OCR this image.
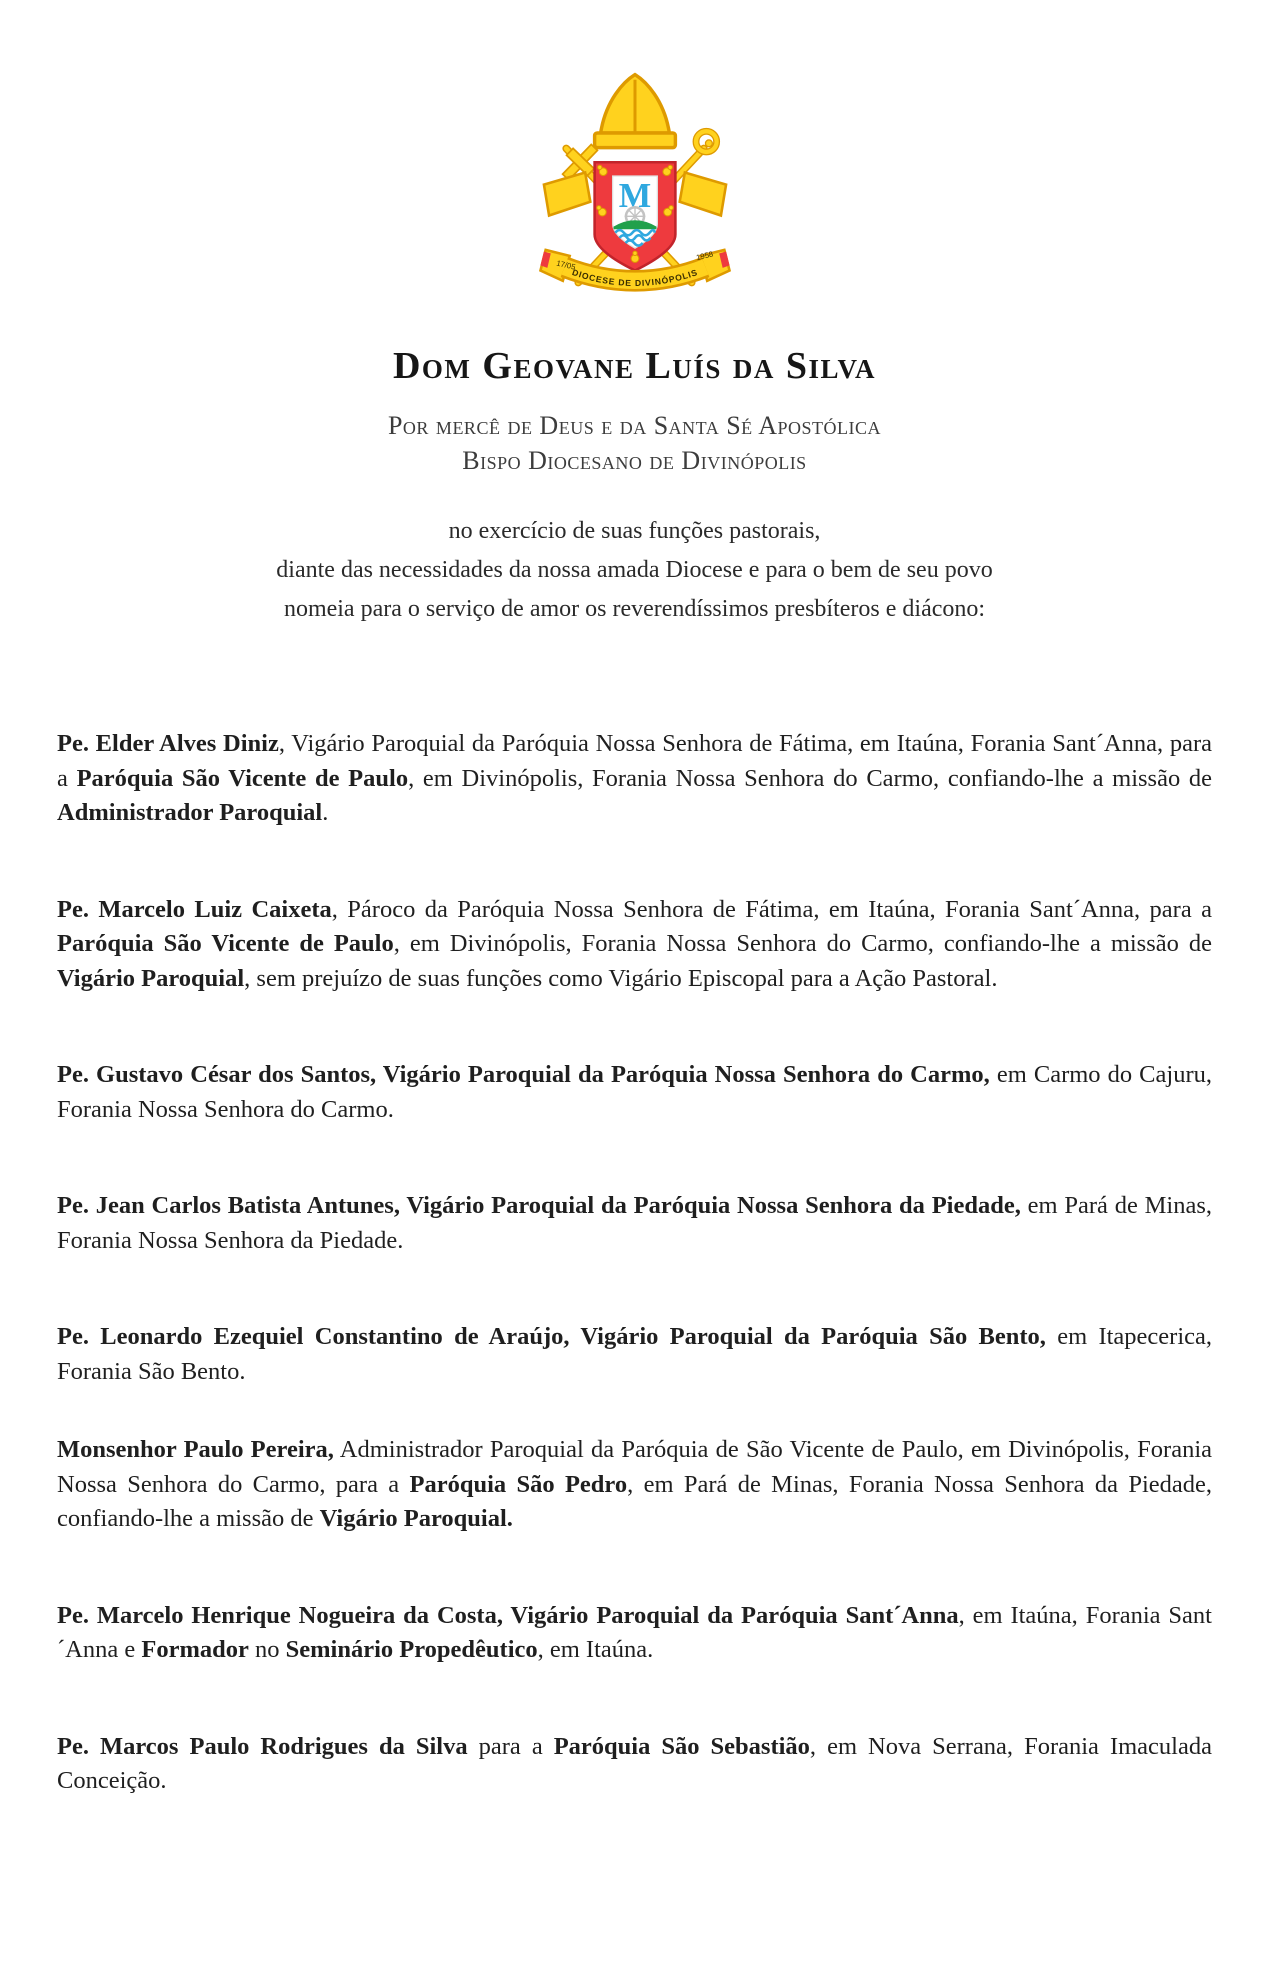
M
17/05
1958
DIOCESE DE DIVINÓPOLIS
Dom Geovane Luís da Silva
Por mercê de Deus e da Santa Sé Apostólica
Bispo Diocesano de Divinópolis
no exercício de suas funções pastorais,
diante das necessidades da nossa amada Diocese e para o bem de seu povo
nomeia para o serviço de amor os reverendíssimos presbíteros e diácono:

Pe. Elder Alves Diniz, Vigário Paroquial da Paróquia Nossa Senhora de Fátima, em Itaúna, Forania Sant´Anna, para a Paróquia São Vicente de Paulo, em Divinópolis, Forania Nossa Senhora do Carmo, confiando-lhe a missão de Administrador Paroquial.

Pe. Marcelo Luiz Caixeta, Pároco da Paróquia Nossa Senhora de Fátima, em Itaúna, Forania Sant´Anna, para a Paróquia São Vicente de Paulo, em Divinópolis, Forania Nossa Senhora do Carmo, confiando-lhe a missão de Vigário Paroquial, sem prejuízo de suas funções como Vigário Episcopal para a Ação Pastoral.

Pe. Gustavo César dos Santos, Vigário Paroquial da Paróquia Nossa Senhora do Carmo, em Carmo do Cajuru, Forania Nossa Senhora do Carmo.

Pe. Jean Carlos Batista Antunes, Vigário Paroquial da Paróquia Nossa Senhora da Piedade, em Pará de Minas, Forania Nossa Senhora da Piedade.

Pe. Leonardo Ezequiel Constantino de Araújo, Vigário Paroquial da Paróquia São Bento, em Itapecerica, Forania São Bento.

Monsenhor Paulo Pereira, Administrador Paroquial da Paróquia de São Vicente de Paulo, em Divinópolis, Forania Nossa Senhora do Carmo, para a Paróquia São Pedro, em Pará de Minas, Forania Nossa Senhora da Piedade, confiando-lhe a missão de Vigário Paroquial.

Pe. Marcelo Henrique Nogueira da Costa, Vigário Paroquial da Paróquia Sant´Anna, em Itaúna, Forania Sant´Anna e Formador no Seminário Propedêutico, em Itaúna.

Pe. Marcos Paulo Rodrigues da Silva para a Paróquia São Sebastião, em Nova Serrana, Forania Imaculada Conceição.
